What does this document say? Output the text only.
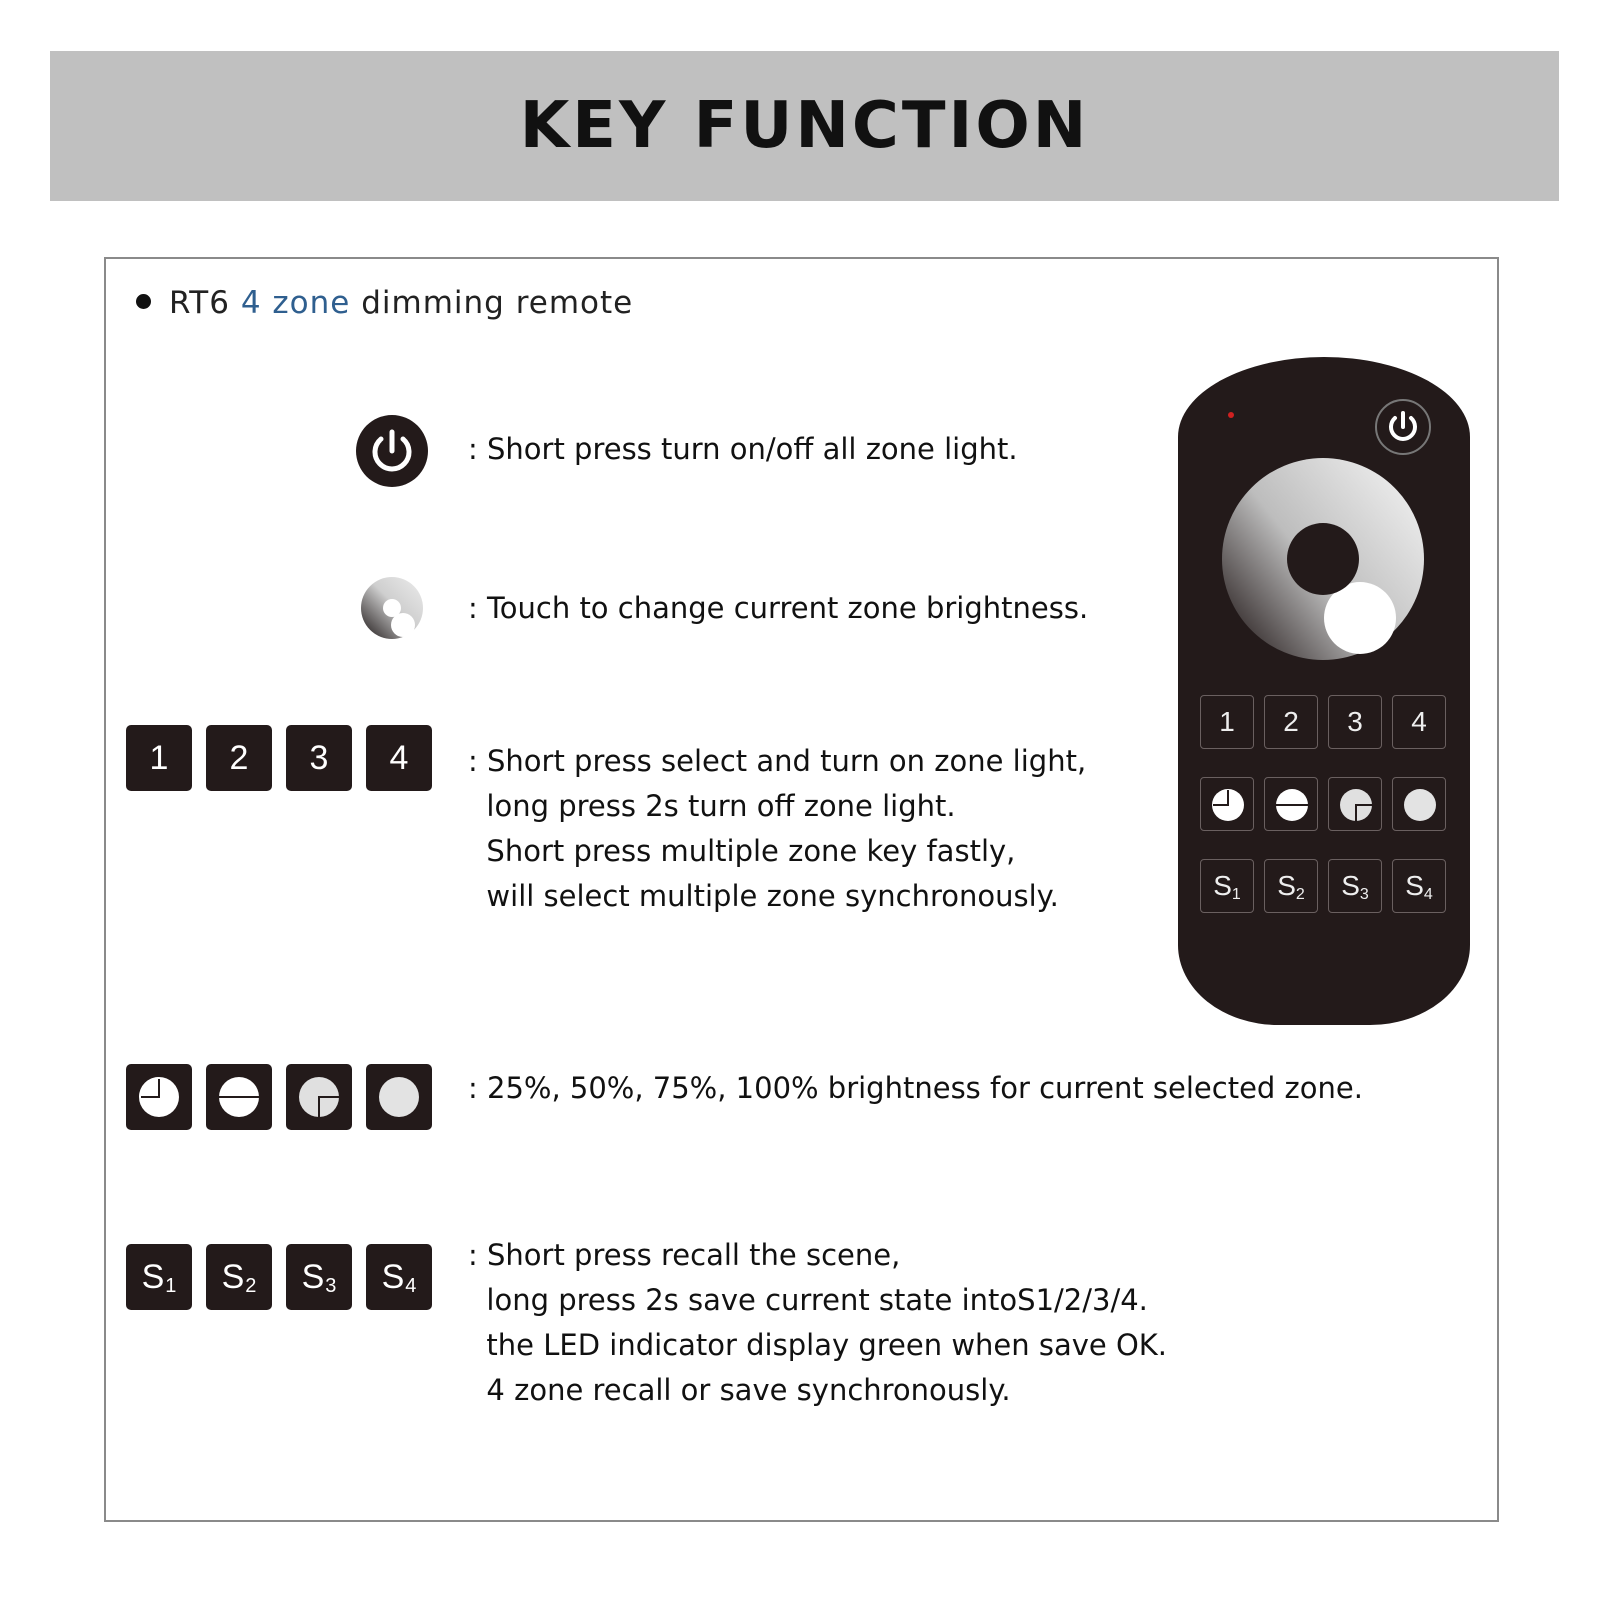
KEY FUNCTION
RT6 4 zone dimming remote
: Short press turn on/off all zone light.
: Touch to change current zone brightness.
1	2	3	4	: Short press select and turn on zone light,
long press 2s turn off zone light.
Short press multiple zone key fastly,
will select multiple zone synchronously.
: 25%, 50%, 75%, 100% brightness for current selected zone.
S1	S2	S3	S4
: Short press recall the scene,
long press 2s save current state intoS1/2/3/4.
the LED indicator display green when save OK.
4 zone recall or save synchronously.
1	2	3	4
S1	S2	S3	S4
